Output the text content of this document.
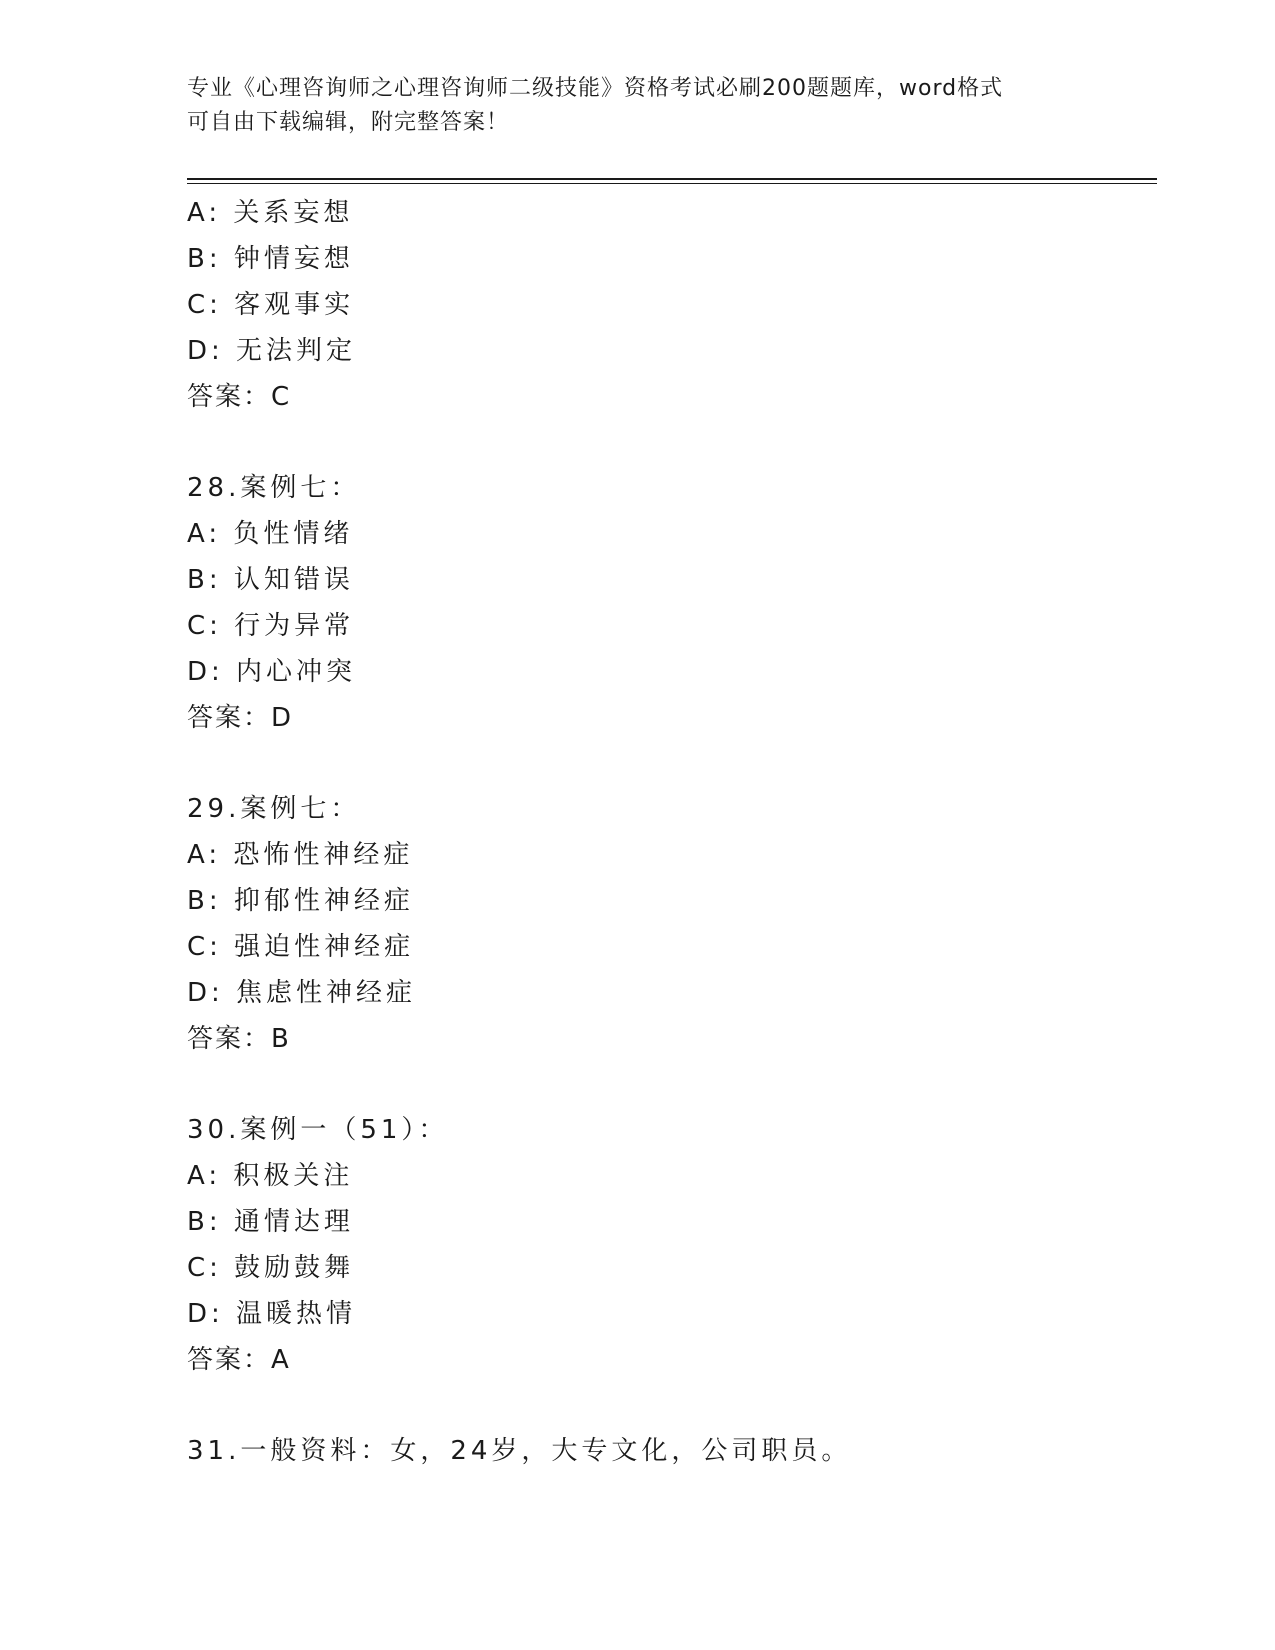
专业《心理咨询师之心理咨询师二级技能》资格考试必刷200题题库，word格式
可自由下载编辑，附完整答案！
A: 关系妄想
B: 钟情妄想
C: 客观事实
D: 无法判定
答案：C
28.案例七：
A: 负性情绪
B: 认知错误
C: 行为异常
D: 内心冲突
答案：D
29.案例七：
A: 恐怖性神经症
B: 抑郁性神经症
C: 强迫性神经症
D: 焦虑性神经症
答案：B
30.案例一（51）：
A: 积极关注
B: 通情达理
C: 鼓励鼓舞
D: 温暖热情
答案：A
31.一般资料：女，24岁，大专文化，公司职员。
